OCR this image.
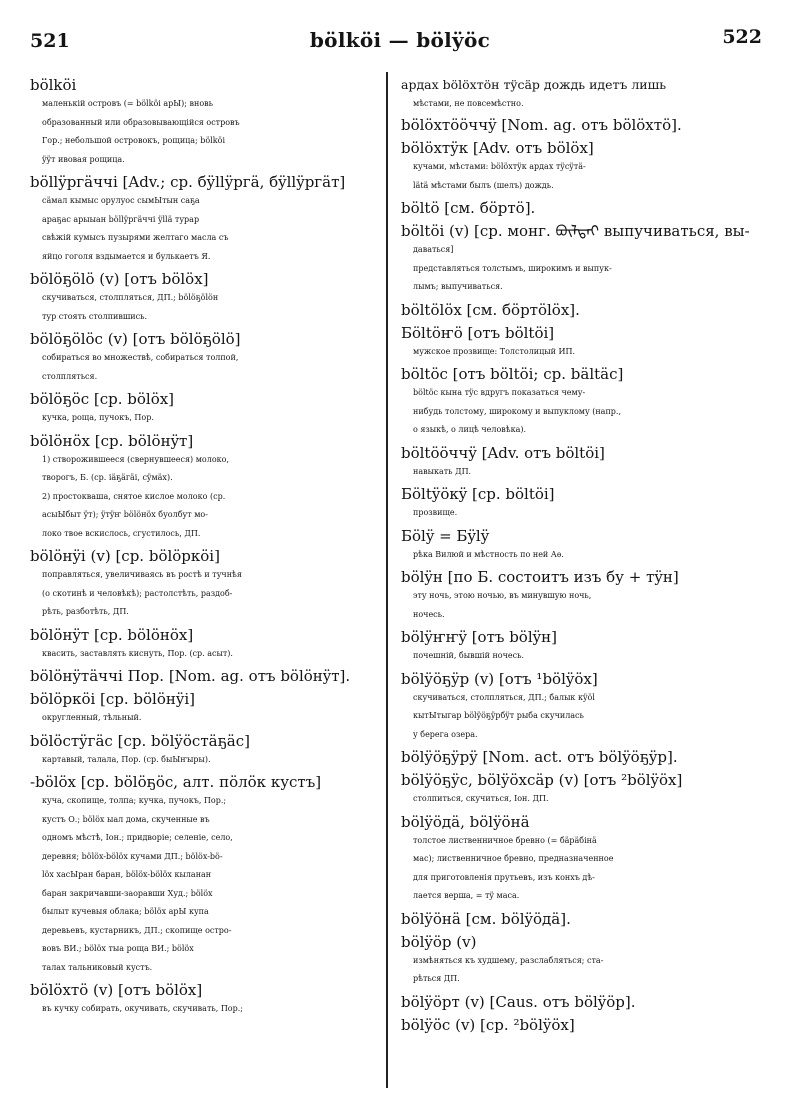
521	bölköi — bölÿöc	522
bölköi
маленькій островъ (= bölköi арЫ); вновь
образованный или образовывающійся островъ
Гор.; небольшой островокъ, рощица; bölköi
ÿÿт ивовая рощица.
böllÿргäччi [Adv.; cp. бÿllÿргä, бÿllÿргäт]
сäмал кымыс орулуос сымЫтын саҕа
араҕас арыыан böllÿргäччi ÿllä турар
свѣжій кумысъ пузырями желтаго масла съ
яйцо гоголя вздымается и булькаетъ Я.
bölöҕölö (v) [отъ bölöx]
скучиваться, столпляться, ДП.; bölöҕölöн
тур стоять столпившись.
bölöҕölöc (v) [отъ bölöҕölö]
собираться во множествѣ, собираться толпой,
столпляться.
bölöҕöc [cp. bölöx]
кучка, роща, пучокъ, Пор.
bölöнöх [cp. bölöнÿт]
1) створожившееся (свернувшееся) молоко,
творогъ, Б. (cp. iäҕäгäi, cÿмäх).
2) простокваша, снятое кислое молоко (cp.
асыЫбыт ÿт); ÿтÿҥ bölöнöх буолбут мо-
локо твое вскислось, сгустилось, ДП.
bölöнÿi (v) [cp. bölöркöi]
поправляться, увеличиваясь въ ростѣ и тучнѣя
(о скотинѣ и человѣкѣ); растолстѣть, раздоб-
рѣть, разботѣть, ДП.
bölöнÿт [cp. bölöнöх]
квасить, заставлять киснуть, Пор. (cp. асыт).
bölöнÿтäччi Пор. [Nom. ag. отъ bölöнÿт].
bölöркöi [cp. bölöнÿi]
округленный, тѣльный.
bölöcтÿгäc [cp. bölÿöcтäҕäc]
картавый, талала, Пор. (cp. быЫҥыры).
-bölöx [cp. bölöҕöc, алт. пöлöк кустъ]
куча, скопище, толпа; кучка, пучокъ, Пор.;
кустъ О.; bölöx ыал дома, скученные въ
одномъ мѣстѣ, Іон.; придворіе; селеніе, село,
деревня; bölöx-bölöx кучами ДП.; bölöx-bö-
löx хасЫран баран, bölöx-bölöx кыланан
баран закричавши-заоравши Худ.; bölöx
былыт кучевыя облака; bölöx арЫ купа
деревьевъ, кустарникъ, ДП.; скопище остро-
вовъ ВИ.; bölöx тыа роща ВИ.; bölöx
талах тальниковый кустъ.
bölöхтö (v) [отъ bölöx]
въ кучку собирать, окучивать, скучивать, Пор.;
ардах bölöхтöн тÿсäр дождь идетъ лишь
мѣстами, не повсемѣстно.
bölöхтööччÿ [Nom. ag. отъ bölöхтö].
bölöхтÿк [Adv. отъ bölöx]
кучами, мѣстами: bölöхтÿк ардах тÿсÿтä-
lätä мѣстами былъ (шелъ) дождь.
böltö [см. бöртö].
böltöi (v) [cp. монг. ᠪᠦᠯᠲᠡᠢ выпучиваться, вы-
даваться]
представляться толстымъ, широкимъ и выпук-
лымъ; выпучиваться.
böltölöx [см. бöртölöx].
Бöltöҥö [отъ böltöi]
мужское прозвище: Толстолицый ИП.
böltöc [отъ böltöi; cp. bältäc]
böltöc кына тÿc вдругъ показаться чему-
нибудь толстому, широкому и выпуклому (напр.,
о языкѣ, о лицѣ человѣка).
böltööччÿ [Adv. отъ böltöi]
навыкать ДП.
Бöltÿöкÿ [cp. böltöi]
прозвище.
Бölÿ = Бÿlÿ
рѣка Вилюй и мѣстность по ней Аѳ.
bölÿн [по Б. состоитъ изъ бу + тÿн]
эту ночь, этою ночью, въ минувшую ночь,
ночесь.
bölÿҥҥÿ [отъ bölÿн]
почешній, бывшій ночесь.
bölÿöҕÿр (v) [отъ ¹bölÿöx]
скучиваться, столпляться, ДП.; балык кÿöl
кытЫтыгар bölÿöҕÿрбÿт рыба скучилась
у берега озера.
bölÿöҕÿрÿ [Nom. act. отъ bölÿöҕÿр].
bölÿöҕÿс, bölÿöхсäр (v) [отъ ²bölÿöx]
столпиться, скучиться, Іон. ДП.
bölÿöдä, bölÿöнä
толстое лиственничное бревно (= бäрäбiнä
мас); лиственничное бревно, предназначенное
для приготовленія прутьевъ, изъ конхъ дѣ-
лается верша, = тÿ маса.
bölÿöнä [см. bölÿöдä].
bölÿöр (v)
измѣняться къ худшему, разслабляться; ста-
рѣться ДП.
bölÿöрт (v) [Caus. отъ bölÿöр].
bölÿöc (v) [cp. ²bölÿöx]
